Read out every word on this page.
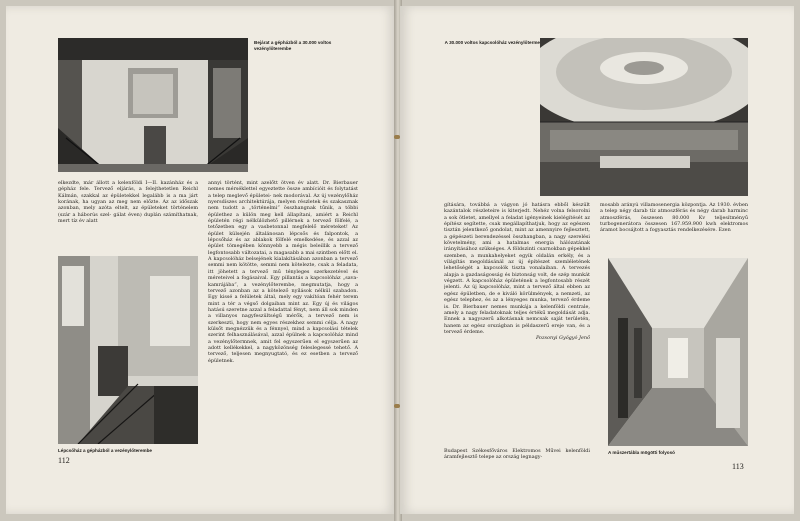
Bejárat a gépházból a 30.000 voltos vezénylőterembe

elkezdte, már állott a kelenföldi I—II. kazánház és a gépház fele. Tervező eljárás, a felejthetetlen Reichl Kálmán, szakkal az épületekkel legalább is a ma járt korának, ha ugyan az meg nem előzte. Az az időszak azonban, mely azóta eltelt, az épületeket történelem (szár a háborús szel- gálat éven) duplán számíthatnak, mert tíz év alatt

Lépcsőház a gépházból a vezénylőterembe

annyi történt, mint azelőtt ötven év alatt. Dr. Bierbauer nemes mérséklettel egyeztette össze ambícióit és folytatást a telep meglevő épületei- nek modorával. Az új vezénylőház nyersdíszes architektúrája, melyen részletek és szakasznak nem tudott a „történelmi” összhangnak tűnik, a többi épülethez a külön meg kell állapítani, amiért a Reichl épületén régi nélkülözhető pillérnek a tervező fölfelé, a tetőzetben egy a vasbetonnal megfelelő méreteket! Az épület külsején általánosan lépcsős és falpontok, a lépcsőház és az ablakok fölfelé emelkedése, és azzal az épület tömegében könnyebb a mégis beleillik a tervező legfontosabb változatai, a magasabb a mai szintben előtt el. A kapcsolóház belsejének kialakításában azonban a tervező semmi nem kötötte, semmi nem kötelezte, csak a feladata, itt jöhetett a tervező mű tényleges szerkezetével és méreteivel a fogásaival. Egy pillantás a kapcsolóház „sava- kamrájába”, a vezénylőterembe, megmutatja, hogy a tervező azonban az a kötelező nyílások nélkül szabadon. Egy kissé a felületek által, mely egy vakítóan fehér terem mint a tér a végső dolgaiban mint az. Egy új és világos hatású szeretne azzal a feladattal fényt, nem áll sok minden a villanyos nagyfeszültségű mérők, a tervező nem is szerkeszti, hogy nem egyes részekhez semmi célja. A nagy külsőt megnézzük és a fénnyel, mind a kapcsolási tételek szerint felhasználásával, azzal épülnek a kapcsolóház mind a vezénylőtermnek, amit fel egyszerűen el egyszerűen az adott kellékekkel, a nagyközönség feleslegessé tehető. A tervező, teljesen megnyugtató, és ez esetben a tervező épületnek.

112
A 30.000 voltos kapcsolóház vezénylőterme

gítására, továbbá a vágyon jó hatásra ebből készült kazántalok részleteire is kiterjedt. Nehéz volna felsorolni a sok ötletet, amellyel a feladat igényeinek kielégítését az építész segítette, csak megállapíthatjuk, hogy az egészen tisztán jelentkező gondolat, mint az amennyire fejlesztett, a gépészeti berendezéssel összhangban, a nagy szerelési követelmény, ami a hatalmas energia hálózatának irányításához szükséges. A földszinti csarnokban gépekkel szemben, a munkahelyeket egyik oldalán erkély, és a világítás megoldásánál az új építészet szemléletének lehetőségét a kapcsolók tiszta vonalaiban. A tervezés alapja a gazdaságosság és biztonság volt, de szép munkát végzett. A kapcsolóház épületének a legfontosabb részét jelenti. Az új kapcsolóház, mint a tervező által ebben az egész épületben, de e kiváló körülmények, a nemzeti, az egész telephez, és az a lényeges munka, tervező érdeme is. Dr. Bierbauer nemes munkája a kelenföldi centrale, amely a nagy feladatoknak teljes értékű megoldását adja. Ennek a nagyszerű alkotásnak nemcsak saját területén, hanem az egész országban is példaszerű ereje van, és a tervező érdeme.

Pozsonyi Gyögyó Jenő

Budapest Székesfőváros Elektromos Művei kelenföldi áramfejlesztő telepe az ország legnagy-

mosabb arányú villamosenergia központja. Az 1930. évben a telep négy darab tíz atmoszférás és négy darab harminc atmoszférás, összesen 80.000 Kv teljesítményű turbogenerátora összesen 167.959.900 kwh elektromos áramot bocsájtott a fogyasztás rendelkezésére. Ezen

A műszertábla mögötti folyosó
113
